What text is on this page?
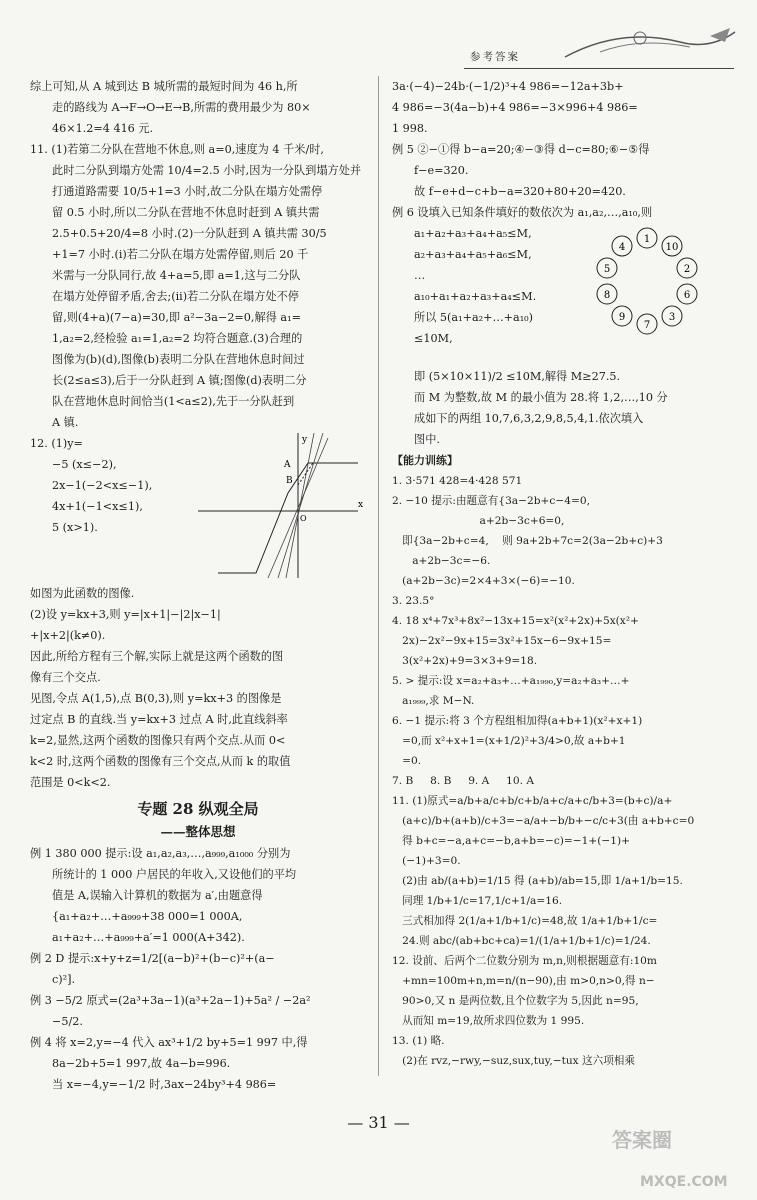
参考答案

综上可知,从 A 城到达 B 城所需的最短时间为 46 h,所

走的路线为 A→F→O→E→B,所需的费用最少为 80×

46×1.2=4 416 元.

11. (1)若第二分队在营地不休息,则 a=0,速度为 4 千米/时,

此时二分队到塌方处需 10/4=2.5 小时,因为一分队到塌方处并

打通道路需要 10/5+1=3 小时,故二分队在塌方处需停

留 0.5 小时,所以二分队在营地不休息时赶到 A 镇共需

2.5+0.5+20/4=8 小时.(2)一分队赶到 A 镇共需 30/5

+1=7 小时.(i)若二分队在塌方处需停留,则后 20 千

米需与一分队同行,故 4+a=5,即 a=1,这与二分队

在塌方处停留矛盾,舍去;(ii)若二分队在塌方处不停

留,则(4+a)(7−a)=30,即 a²−3a−2=0,解得 a₁=

1,a₂=2,经检验 a₁=1,a₂=2 均符合题意.(3)合理的

图像为(b)(d),图像(b)表明二分队在营地休息时间过

长(2≤a≤3),后于一分队赶到 A 镇;图像(d)表明二分

队在营地休息时间恰当(1<a≤2),先于一分队赶到

A 镇.

12. (1)y=

−5 (x≤−2),

2x−1(−2<x≤−1),

4x+1(−1<x≤1),

5 (x>1).

x
y
A
B
O

如图为此函数的图像.

(2)设 y=kx+3,则 y=|x+1|−|2|x−1|

+|x+2|(k≠0).

因此,所给方程有三个解,实际上就是这两个函数的图

像有三个交点.

见图,令点 A(1,5),点 B(0,3),则 y=kx+3 的图像是

过定点 B 的直线.当 y=kx+3 过点 A 时,此直线斜率

k=2,显然,这两个函数的图像只有两个交点.从而 0<

k<2 时,这两个函数的图像有三个交点,从而 k 的取值

范围是 0<k<2.

专题 28 纵观全局
——整体思想

例 1 380 000 提示:设 a₁,a₂,a₃,…,a₉₉₉,a₁₀₀₀ 分别为

所统计的 1 000 户居民的年收入,又设他们的平均

值是 A,误输入计算机的数据为 a′,由题意得

{a₁+a₂+…+a₉₉₉+38 000=1 000A,

a₁+a₂+…+a₉₉₉+a′=1 000(A+342).

例 2 D 提示:x+y+z=1/2[(a−b)²+(b−c)²+(a−

c)²].

例 3 −5/2 原式=(2a³+3a−1)(a³+2a−1)+5a² / −2a²

−5/2.

例 4 将 x=2,y=−4 代入 ax³+1/2 by+5=1 997 中,得

8a−2b+5=1 997,故 4a−b=996.

当 x=−4,y=−1/2 时,3ax−24by³+4 986=

3a·(−4)−24b·(−1/2)³+4 986=−12a+3b+

4 986=−3(4a−b)+4 986=−3×996+4 986=

1 998.

例 5 ②−①得 b−a=20;④−③得 d−c=80;⑥−⑤得

f−e=320.

故 f−e+d−c+b−a=320+80+20=420.

例 6 设填入已知条件填好的数依次为 a₁,a₂,…,a₁₀,则

a₁+a₂+a₃+a₄+a₅≤M,

a₂+a₃+a₄+a₅+a₆≤M,

…

a₁₀+a₁+a₂+a₃+a₄≤M.

所以 5(a₁+a₂+…+a₁₀)

≤10M,

1
10
4
2
5
6
8
3
9
7

即 (5×10×11)/2 ≤10M,解得 M≥27.5.

而 M 为整数,故 M 的最小值为 28.将 1,2,…,10 分

成如下的两组 10,7,6,3,2,9,8,5,4,1.依次填入

图中.

【能力训练】

1. 3·571 428=4·428 571

2. −10 提示:由题意有{3a−2b+c−4=0,

a+2b−3c+6=0,

即{3a−2b+c=4,    则 9a+2b+7c=2(3a−2b+c)+3

a+2b−3c=−6.

(a+2b−3c)=2×4+3×(−6)=−10.

3. 23.5°

4. 18 x⁴+7x³+8x²−13x+15=x²(x²+2x)+5x(x²+

2x)−2x²−9x+15=3x²+15x−6−9x+15=

3(x²+2x)+9=3×3+9=18.

5. > 提示:设 x=a₂+a₃+…+a₁₉₉₀,y=a₂+a₃+…+

a₁₉₉₉,求 M−N.

6. −1 提示:将 3 个方程组相加得(a+b+1)(x²+x+1)

=0,而 x²+x+1=(x+1/2)²+3/4>0,故 a+b+1

=0.

7. B     8. B     9. A     10. A

11. (1)原式=a/b+a/c+b/c+b/a+c/a+c/b+3=(b+c)/a+

(a+c)/b+(a+b)/c+3=−a/a+−b/b+−c/c+3(由 a+b+c=0

得 b+c=−a,a+c=−b,a+b=−c)=−1+(−1)+

(−1)+3=0.

(2)由 ab/(a+b)=1/15 得 (a+b)/ab=15,即 1/a+1/b=15.

同理 1/b+1/c=17,1/c+1/a=16.

三式相加得 2(1/a+1/b+1/c)=48,故 1/a+1/b+1/c=

24.则 abc/(ab+bc+ca)=1/(1/a+1/b+1/c)=1/24.

12. 设前、后两个二位数分别为 m,n,则根据题意有:10m

+mn=100m+n,m=n/(n−90),由 m>0,n>0,得 n−

90>0,又 n 是两位数,且个位数字为 5,因此 n=95,

从而知 m=19,故所求四位数为 1 995.

13. (1) 略.

(2)在 rvz,−rwy,−suz,sux,tuy,−tux 这六项相乘

— 31 —
答案圈
MXQE.COM
